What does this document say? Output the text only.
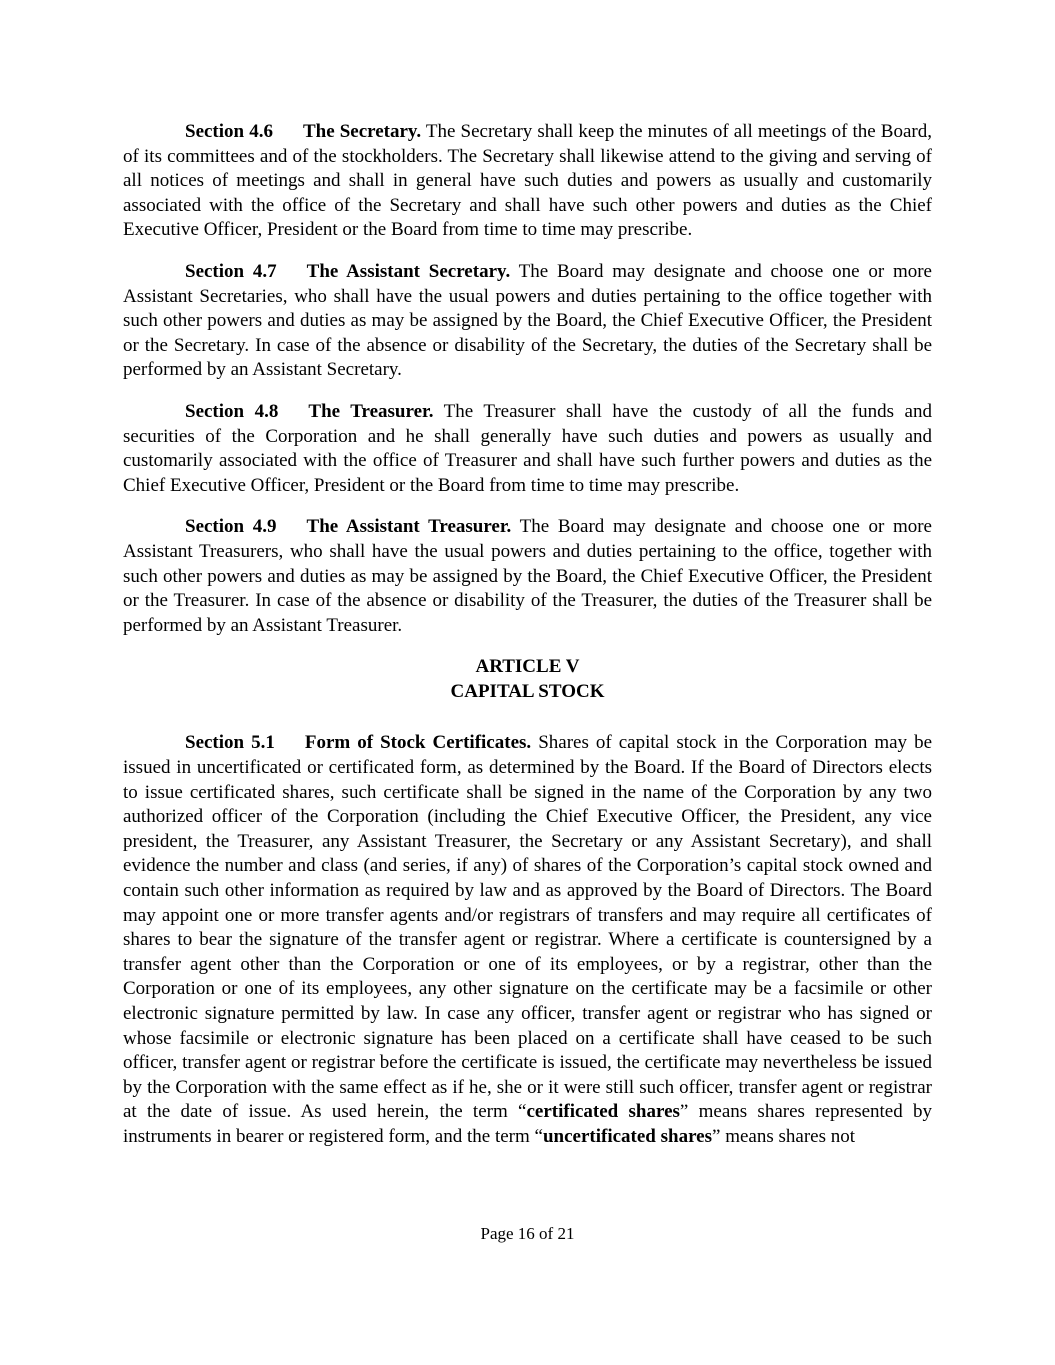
Section 4.6 The Secretary. The Secretary shall keep the minutes of all meetings of the Board, of its committees and of the stockholders. The Secretary shall likewise attend to the giving and serving of all notices of meetings and shall in general have such duties and powers as usually and customarily associated with the office of the Secretary and shall have such other powers and duties as the Chief Executive Officer, President or the Board from time to time may prescribe.

Section 4.7 The Assistant Secretary. The Board may designate and choose one or more Assistant Secretaries, who shall have the usual powers and duties pertaining to the office together with such other powers and duties as may be assigned by the Board, the Chief Executive Officer, the President or the Secretary. In case of the absence or disability of the Secretary, the duties of the Secretary shall be performed by an Assistant Secretary.

Section 4.8 The Treasurer. The Treasurer shall have the custody of all the funds and securities of the Corporation and he shall generally have such duties and powers as usually and customarily associated with the office of Treasurer and shall have such further powers and duties as the Chief Executive Officer, President or the Board from time to time may prescribe.

Section 4.9 The Assistant Treasurer. The Board may designate and choose one or more Assistant Treasurers, who shall have the usual powers and duties pertaining to the office, together with such other powers and duties as may be assigned by the Board, the Chief Executive Officer, the President or the Treasurer. In case of the absence or disability of the Treasurer, the duties of the Treasurer shall be performed by an Assistant Treasurer.

ARTICLE V
CAPITAL STOCK

Section 5.1 Form of Stock Certificates. Shares of capital stock in the Corporation may be issued in uncertificated or certificated form, as determined by the Board. If the Board of Directors elects to issue certificated shares, such certificate shall be signed in the name of the Corporation by any two authorized officer of the Corporation (including the Chief Executive Officer, the President, any vice president, the Treasurer, any Assistant Treasurer, the Secretary or any Assistant Secretary), and shall evidence the number and class (and series, if any) of shares of the Corporation’s capital stock owned and contain such other information as required by law and as approved by the Board of Directors. The Board may appoint one or more transfer agents and/or registrars of transfers and may require all certificates of shares to bear the signature of the transfer agent or registrar. Where a certificate is countersigned by a transfer agent other than the Corporation or one of its employees, or by a registrar, other than the Corporation or one of its employees, any other signature on the certificate may be a facsimile or other electronic signature permitted by law. In case any officer, transfer agent or registrar who has signed or whose facsimile or electronic signature has been placed on a certificate shall have ceased to be such officer, transfer agent or registrar before the certificate is issued, the certificate may nevertheless be issued by the Corporation with the same effect as if he, she or it were still such officer, transfer agent or registrar at the date of issue. As used herein, the term “certificated shares” means shares represented by instruments in bearer or registered form, and the term “uncertificated shares” means shares not

Page 16 of 21
